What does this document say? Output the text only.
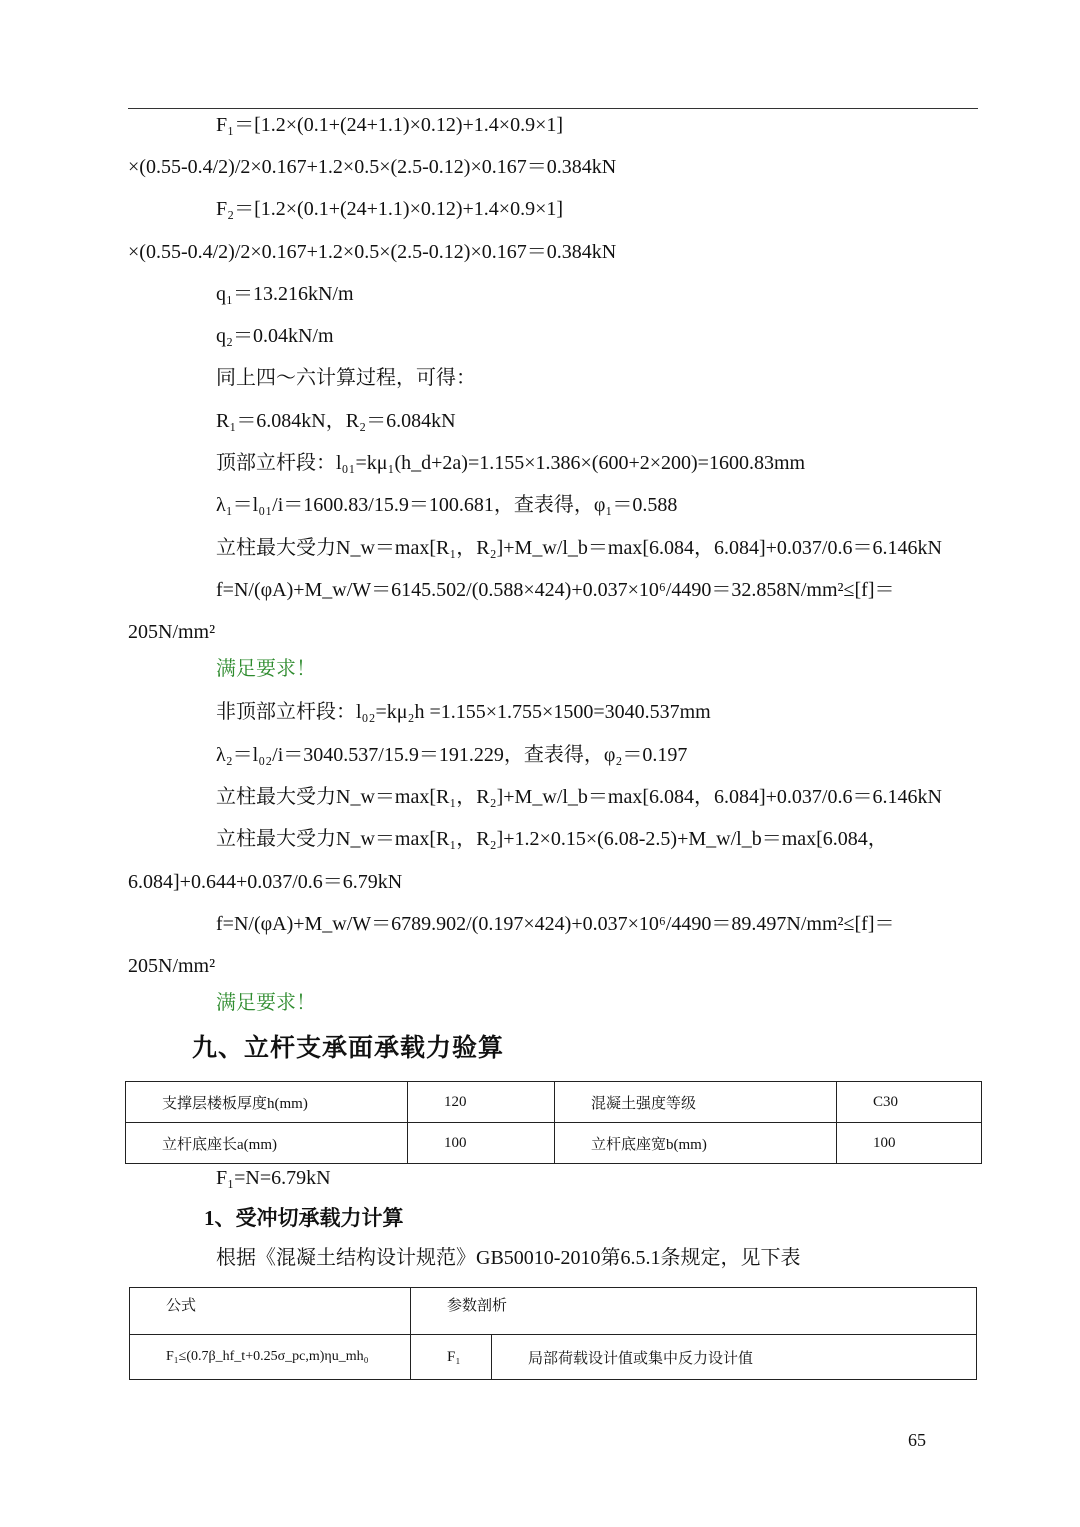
F₁＝[1.2×(0.1+(24+1.1)×0.12)+1.4×0.9×1]
×(0.55-0.4/2)/2×0.167+1.2×0.5×(2.5-0.12)×0.167＝0.384kN
F₂＝[1.2×(0.1+(24+1.1)×0.12)+1.4×0.9×1]
×(0.55-0.4/2)/2×0.167+1.2×0.5×(2.5-0.12)×0.167＝0.384kN
q₁＝13.216kN/m
q₂＝0.04kN/m
同上四～六计算过程，可得：
R₁＝6.084kN，R₂＝6.084kN
顶部立杆段：l₀₁=kμ₁(h_d+2a)=1.155×1.386×(600+2×200)=1600.83mm
λ₁＝l₀₁/i＝1600.83/15.9＝100.681，查表得，φ₁＝0.588
立柱最大受力N_w＝max[R₁，R₂]+M_w/l_b＝max[6.084，6.084]+0.037/0.6＝6.146kN
f=N/(φA)+M_w/W＝6145.502/(0.588×424)+0.037×10⁶/4490＝32.858N/mm²≤[f]＝
205N/mm²
满足要求！
非顶部立杆段：l₀₂=kμ₂h =1.155×1.755×1500=3040.537mm
λ₂＝l₀₂/i＝3040.537/15.9＝191.229，查表得，φ₂＝0.197
立柱最大受力N_w＝max[R₁，R₂]+M_w/l_b＝max[6.084，6.084]+0.037/0.6＝6.146kN
立柱最大受力N_w＝max[R₁，R₂]+1.2×0.15×(6.08-2.5)+M_w/l_b＝max[6.084，
6.084]+0.644+0.037/0.6＝6.79kN
f=N/(φA)+M_w/W＝6789.902/(0.197×424)+0.037×10⁶/4490＝89.497N/mm²≤[f]＝
205N/mm²
满足要求！
九、立杆支承面承载力验算
支撑层楼板厚度h(mm)	120	混凝土强度等级	C30
立杆底座长a(mm)	100	立杆底座宽b(mm)	100
F₁=N=6.79kN
1、受冲切承载力计算
根据《混凝土结构设计规范》GB50010-2010第6.5.1条规定，见下表
公式	参数剖析	
F₁≤(0.7β_hf_t+0.25σ_pc,m)ηu_mh₀	F₁	局部荷载设计值或集中反力设计值
65
